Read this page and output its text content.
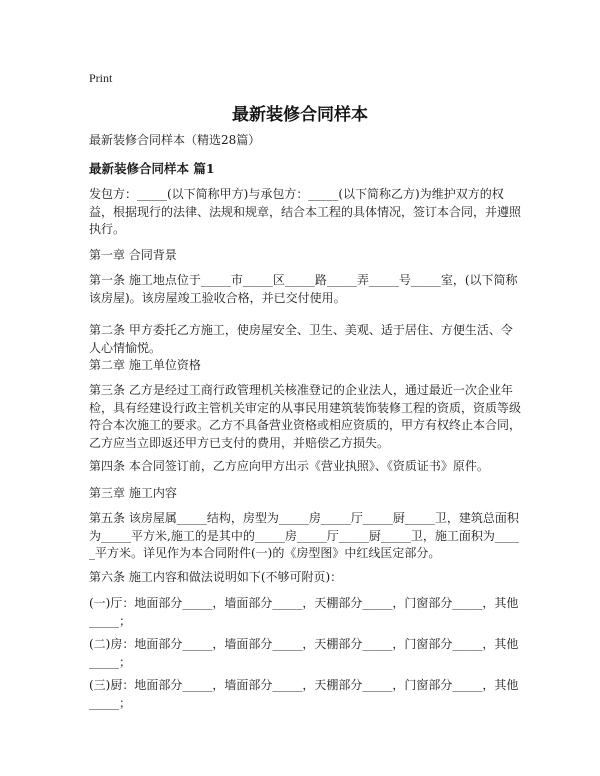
Print
最新装修合同样本
最新装修合同样本（精选28篇）
最新装修合同样本 篇1
发包方：_____(以下简称甲方)与承包方：_____(以下简称乙方)为维护双方的权益，根据现行的法律、法规和规章，结合本工程的具体情况，签订本合同，并遵照执行。
第一章 合同背景
第一条 施工地点位于_____市_____区_____路_____弄_____号_____室，(以下简称该房屋)。该房屋竣工验收合格，并已交付使用。
第二条 甲方委托乙方施工，使房屋安全、卫生、美观、适于居住、方便生活、令人心情愉悦。
第二章 施工单位资格
第三条 乙方是经过工商行政管理机关核准登记的企业法人，通过最近一次企业年检，具有经建设行政主管机关审定的从事民用建筑装饰装修工程的资质，资质等级符合本次施工的要求。乙方不具备营业资格或相应资质的，甲方有权终止本合同，乙方应当立即返还甲方已支付的费用，并赔偿乙方损失。
第四条 本合同签订前，乙方应向甲方出示《营业执照》、《资质证书》原件。
第三章 施工内容
第五条 该房屋属_____结构，房型为_____房_____厅_____厨_____卫，建筑总面积为_____平方米,施工的是其中的_____房_____厅_____厨_____卫，施工面积为_____平方米。详见作为本合同附件(一)的《房型图》中红线匡定部分。
第六条 施工内容和做法说明如下(不够可附页)：
(一)厅：地面部分_____，墙面部分_____，天棚部分_____，门窗部分_____，其他_____；
(二)房：地面部分_____，墙面部分_____，天棚部分_____，门窗部分_____，其他_____；
(三)厨：地面部分_____，墙面部分_____，天棚部分_____，门窗部分_____，其他_____；
